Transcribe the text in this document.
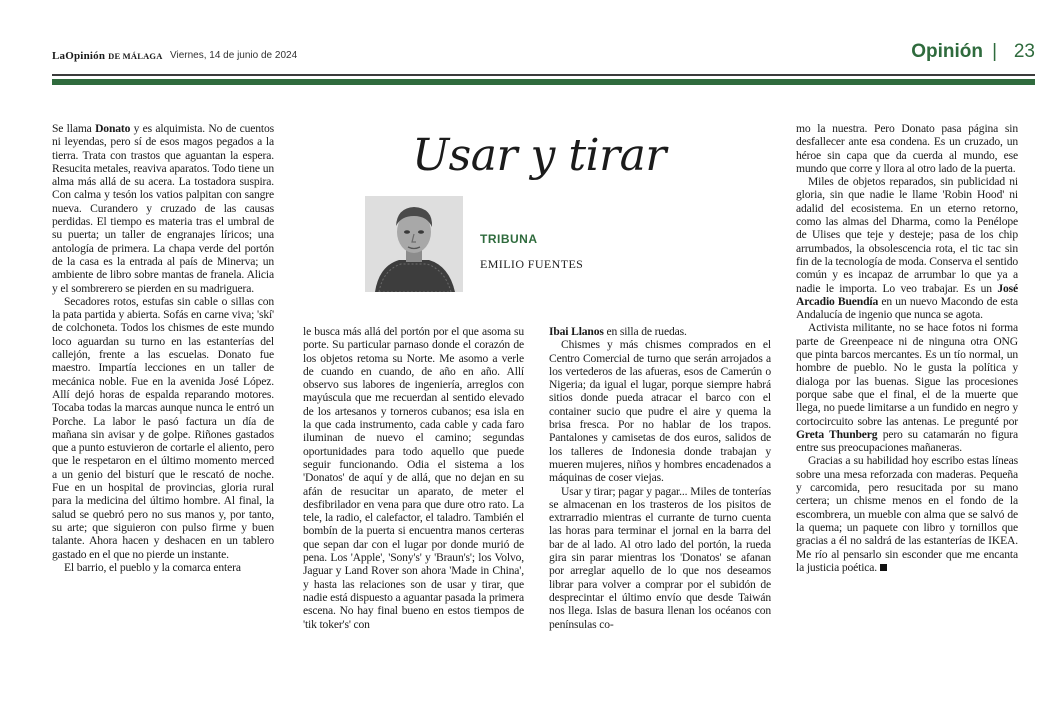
LaOpinión DE MÁLAGA Viernes, 14 de junio de 2024	Opinión | 23

Se llama Donato y es alquimista. No de cuentos ni leyendas, pero sí de esos magos pegados a la tierra. Trata con trastos que aguantan la espera. Resucita metales, reaviva aparatos. Todo tiene un alma más allá de su acera. La tostadora suspira. Con calma y tesón los vatios palpitan con sangre nueva. Curandero y cruzado de las causas perdidas. El tiempo es materia tras el umbral de su puerta; un taller de engranajes líricos; una antología de primera. La chapa verde del portón de la casa es la entrada al país de Minerva; un ambiente de libro sobre mantas de franela. Alicia y el sombrerero se pierden en su madriguera.

Secadores rotos, estufas sin cable o sillas con la pata partida y abierta. Sofás en carne viva; 'skí' de colchoneta. Todos los chismes de este mundo loco aguardan su turno en las estanterías del callejón, frente a las escuelas. Donato fue maestro. Impartía lecciones en un taller de mecánica noble. Fue en la avenida José López. Allí dejó horas de espalda reparando motores. Tocaba todas la marcas aunque nunca le entró un Porche. La labor le pasó factura un día de mañana sin avisar y de golpe. Riñones gastados que a punto estuvieron de cortarle el aliento, pero que le respetaron en el último momento merced a un genio del bisturí que le rescató de noche. Fue en un hospital de provincias, gloria rural para la medicina del último hombre. Al final, la salud se quebró pero no sus manos y, por tanto, su arte; que siguieron con pulso firme y buen talante. Ahora hacen y deshacen en un tablero gastado en el que no pierde un instante.

El barrio, el pueblo y la comarca entera

Usar y tirar
TRIBUNA
EMILIO FUENTES

le busca más allá del portón por el que asoma su porte. Su particular parnaso donde el corazón de los objetos retoma su Norte. Me asomo a verle de cuando en cuando, de año en año. Allí observo sus labores de ingeniería, arreglos con mayúscula que me recuerdan al sentido elevado de los artesanos y torneros cubanos; esa isla en la que cada instrumento, cada cable y cada faro iluminan de nuevo el camino; segundas oportunidades para todo aquello que puede seguir funcionando. Odia el sistema a los 'Donatos' de aquí y de allá, que no dejan en su afán de resucitar un aparato, de meter el desfibrilador en vena para que dure otro rato. La tele, la radio, el calefactor, el taladro. También el bombín de la puerta si encuentra manos certeras que sepan dar con el lugar por donde murió de pena. Los 'Apple', 'Sony's' y 'Braun's'; los Volvo, Jaguar y Land Rover son ahora 'Made in China', y hasta las relaciones son de usar y tirar, que nadie está dispuesto a aguantar pasada la primera escena. No hay final bueno en estos tiempos de 'tik toker's' con

Ibai Llanos en silla de ruedas.

Chismes y más chismes comprados en el Centro Comercial de turno que serán arrojados a los vertederos de las afueras, esos de Camerún o Nigeria; da igual el lugar, porque siempre habrá sitios donde pueda atracar el barco con el container sucio que pudre el aire y quema la brisa fresca. Por no hablar de los trapos. Pantalones y camisetas de dos euros, salidos de los talleres de Indonesia donde trabajan y mueren mujeres, niños y hombres encadenados a máquinas de coser viejas.

Usar y tirar; pagar y pagar... Miles de tonterías se almacenan en los trasteros de los pisitos de extrarradio mientras el currante de turno cuenta las horas para terminar el jornal en la barra del bar de al lado. Al otro lado del portón, la rueda gira sin parar mientras los 'Donatos' se afanan por arreglar aquello de lo que nos deseamos librar para volver a comprar por el subidón de desprecintar el último envío que desde Taiwán nos llega. Islas de basura llenan los océanos con penínsulas co-

mo la nuestra. Pero Donato pasa página sin desfallecer ante esa condena. Es un cruzado, un héroe sin capa que da cuerda al mundo, ese mundo que corre y llora al otro lado de la puerta.

Miles de objetos reparados, sin publicidad ni gloria, sin que nadie le llame 'Robin Hood' ni adalid del ecosistema. En un eterno retorno, como las almas del Dharma, como la Penélope de Ulises que teje y desteje; pasa de los chip arrumbados, la obsolescencia rota, el tic tac sin fin de la tecnología de moda. Conserva el sentido común y es incapaz de arrumbar lo que ya a nadie le importa. Lo veo trabajar. Es un José Arcadio Buendía en un nuevo Macondo de esta Andalucía de ingenio que nunca se agota.

Activista militante, no se hace fotos ni forma parte de Greenpeace ni de ninguna otra ONG que pinta barcos mercantes. Es un tío normal, un hombre de pueblo. No le gusta la política y dialoga por las buenas. Sigue las procesiones porque sabe que el final, el de la muerte que llega, no puede limitarse a un fundido en negro y cortocircuito sobre las antenas. Le pregunté por Greta Thunberg pero su catamarán no figura entre sus preocupaciones mañaneras.

Gracias a su habilidad hoy escribo estas líneas sobre una mesa reforzada con maderas. Pequeña y carcomida, pero resucitada por su mano certera; un chisme menos en el fondo de la escombrera, un mueble con alma que se salvó de la quema; un paquete con libro y tornillos que gracias a él no saldrá de las estanterías de IKEA. Me río al pensarlo sin esconder que me encanta la justicia poética.
